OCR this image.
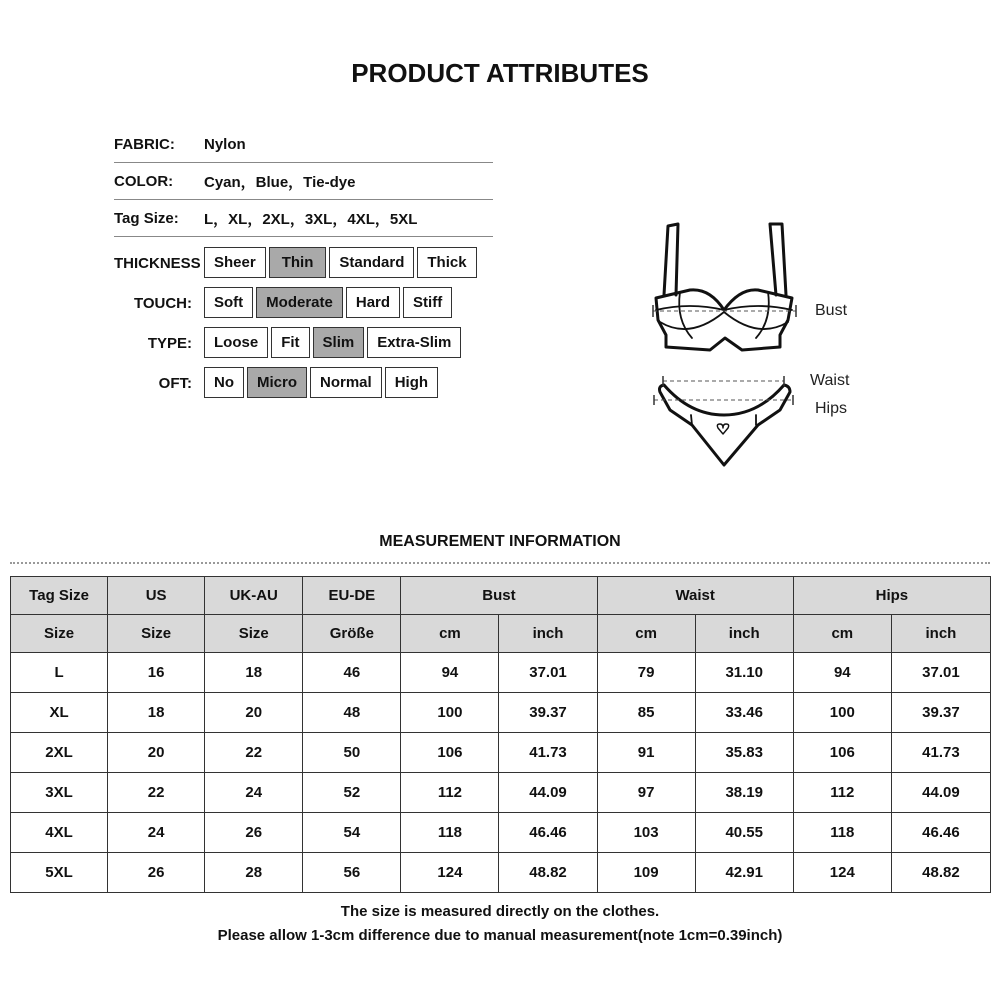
PRODUCT ATTRIBUTES
FABRIC:	Nylon
COLOR:	Cyan，Blue，Tie-dye
Tag Size:	L，XL，2XL，3XL，4XL，5XL
THICKNESS Sheer	Thin	Standard	Thick
TOUCH:	Soft	Moderate	Hard	Stiff
TYPE:	Loose	Fit	Slim	Extra-Slim
OFT:	No	Micro	Normal	High
Bust
Waist
Hips
MEASUREMENT INFORMATION
Tag Size	US	UK-AU	EU-DE	Bust		Waist		Hips	
Size	Size	Size	Größe	cm	inch	cm	inch	cm	inch
L	16	18	46	94	37.01	79	31.10	94	37.01
XL	18	20	48	100	39.37	85	33.46	100	39.37
2XL	20	22	50	106	41.73	91	35.83	106	41.73
3XL	22	24	52	112	44.09	97	38.19	112	44.09
4XL	24	26	54	118	46.46	103	40.55	118	46.46
5XL	26	28	56	124	48.82	109	42.91	124	48.82
The size is measured directly on the clothes.
Please allow 1-3cm difference due to manual measurement(note 1cm=0.39inch)
